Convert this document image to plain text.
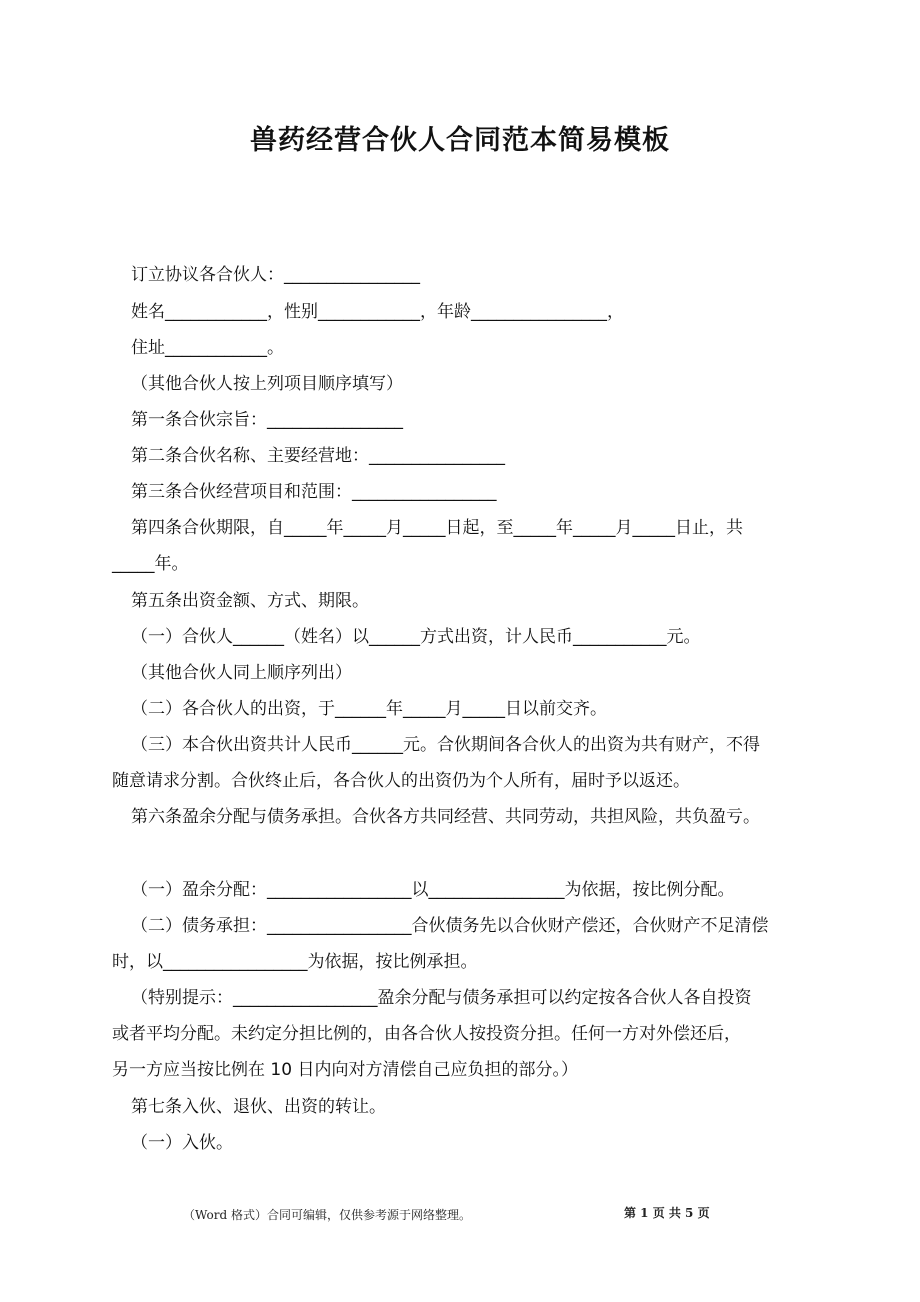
兽药经营合伙人合同范本简易模板
订立协议各合伙人：________________
姓名____________，性别____________，年龄________________，
住址____________。
（其他合伙人按上列项目顺序填写）
第一条合伙宗旨：________________
第二条合伙名称、主要经营地：________________
第三条合伙经营项目和范围：_________________
第四条合伙期限，自_____年_____月_____日起，至_____年_____月_____日止，共
_____年。
第五条出资金额、方式、期限。
（一）合伙人______（姓名）以______方式出资，计人民币___________元。
（其他合伙人同上顺序列出）
（二）各合伙人的出资，于______年_____月_____日以前交齐。
（三）本合伙出资共计人民币______元。合伙期间各合伙人的出资为共有财产，不得
随意请求分割。合伙终止后，各合伙人的出资仍为个人所有，届时予以返还。
第六条盈余分配与债务承担。合伙各方共同经营、共同劳动，共担风险，共负盈亏。
（一）盈余分配：_________________以________________为依据，按比例分配。
（二）债务承担：_________________合伙债务先以合伙财产偿还，合伙财产不足清偿
时，以_________________为依据，按比例承担。
（特别提示：_________________盈余分配与债务承担可以约定按各合伙人各自投资
或者平均分配。未约定分担比例的，由各合伙人按投资分担。任何一方对外偿还后，
另一方应当按比例在 10 日内向对方清偿自己应负担的部分。）
第七条入伙、退伙、出资的转让。
（一）入伙。
（Word 格式）合同可编辑，仅供参考源于网络整理。	第 1 页 共 5 页
